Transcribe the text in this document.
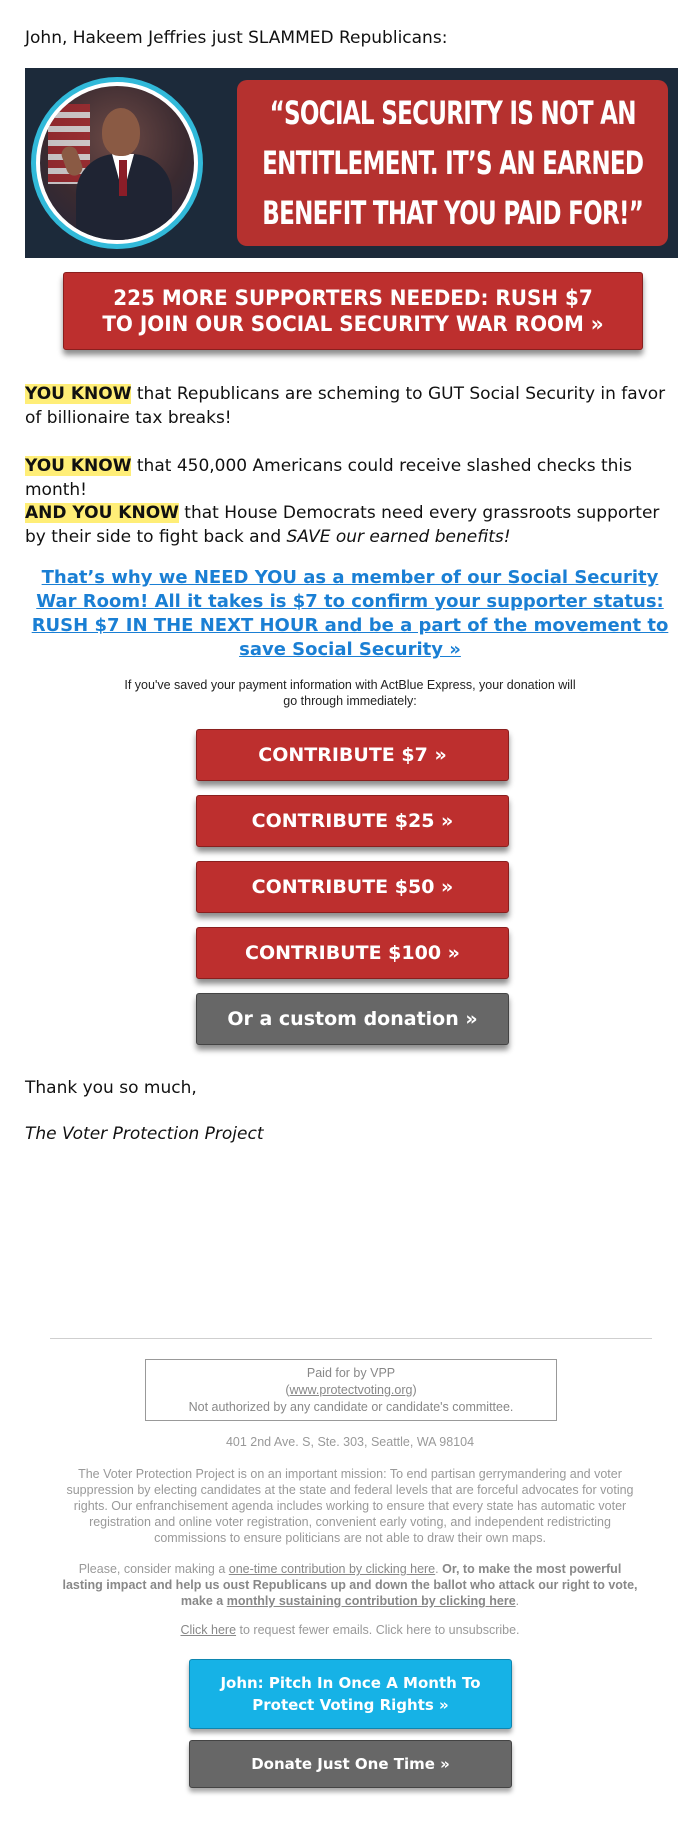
John, Hakeem Jeffries just SLAMMED Republicans:
“SOCIAL SECURITY IS NOT AN
ENTITLEMENT. IT’S AN EARNED
BENEFIT THAT YOU PAID FOR!”
225 MORE SUPPORTERS NEEDED: RUSH $7 TO JOIN OUR SOCIAL SECURITY WAR ROOM »
YOU KNOW that Republicans are scheming to GUT Social Security in favor of billionaire tax breaks!
YOU KNOW that 450,000 Americans could receive slashed checks this month!
AND YOU KNOW that House Democrats need every grassroots supporter by their side to fight back and SAVE our earned benefits!
That’s why we NEED YOU as a member of our Social Security War Room! All it takes is $7 to confirm your supporter status: RUSH $7 IN THE NEXT HOUR and be a part of the movement to save Social Security »
If you've saved your payment information with ActBlue Express, your donation will go through immediately:
CONTRIBUTE $7 »
CONTRIBUTE $25 »
CONTRIBUTE $50 »
CONTRIBUTE $100 »
Or a custom donation »
Thank you so much,
The Voter Protection Project
Paid for by VPP
(www.protectvoting.org)
Not authorized by any candidate or candidate's committee.
401 2nd Ave. S, Ste. 303, Seattle, WA 98104
The Voter Protection Project is on an important mission: To end partisan gerrymandering and voter suppression by electing candidates at the state and federal levels that are forceful advocates for voting rights. Our enfranchisement agenda includes working to ensure that every state has automatic voter registration and online voter registration, convenient early voting, and independent redistricting commissions to ensure politicians are not able to draw their own maps.
Please, consider making a one-time contribution by clicking here. Or, to make the most powerful lasting impact and help us oust Republicans up and down the ballot who attack our right to vote, make a monthly sustaining contribution by clicking here.
Click here to request fewer emails. Click here to unsubscribe.
John: Pitch In Once A Month To Protect Voting Rights »
Donate Just One Time »
